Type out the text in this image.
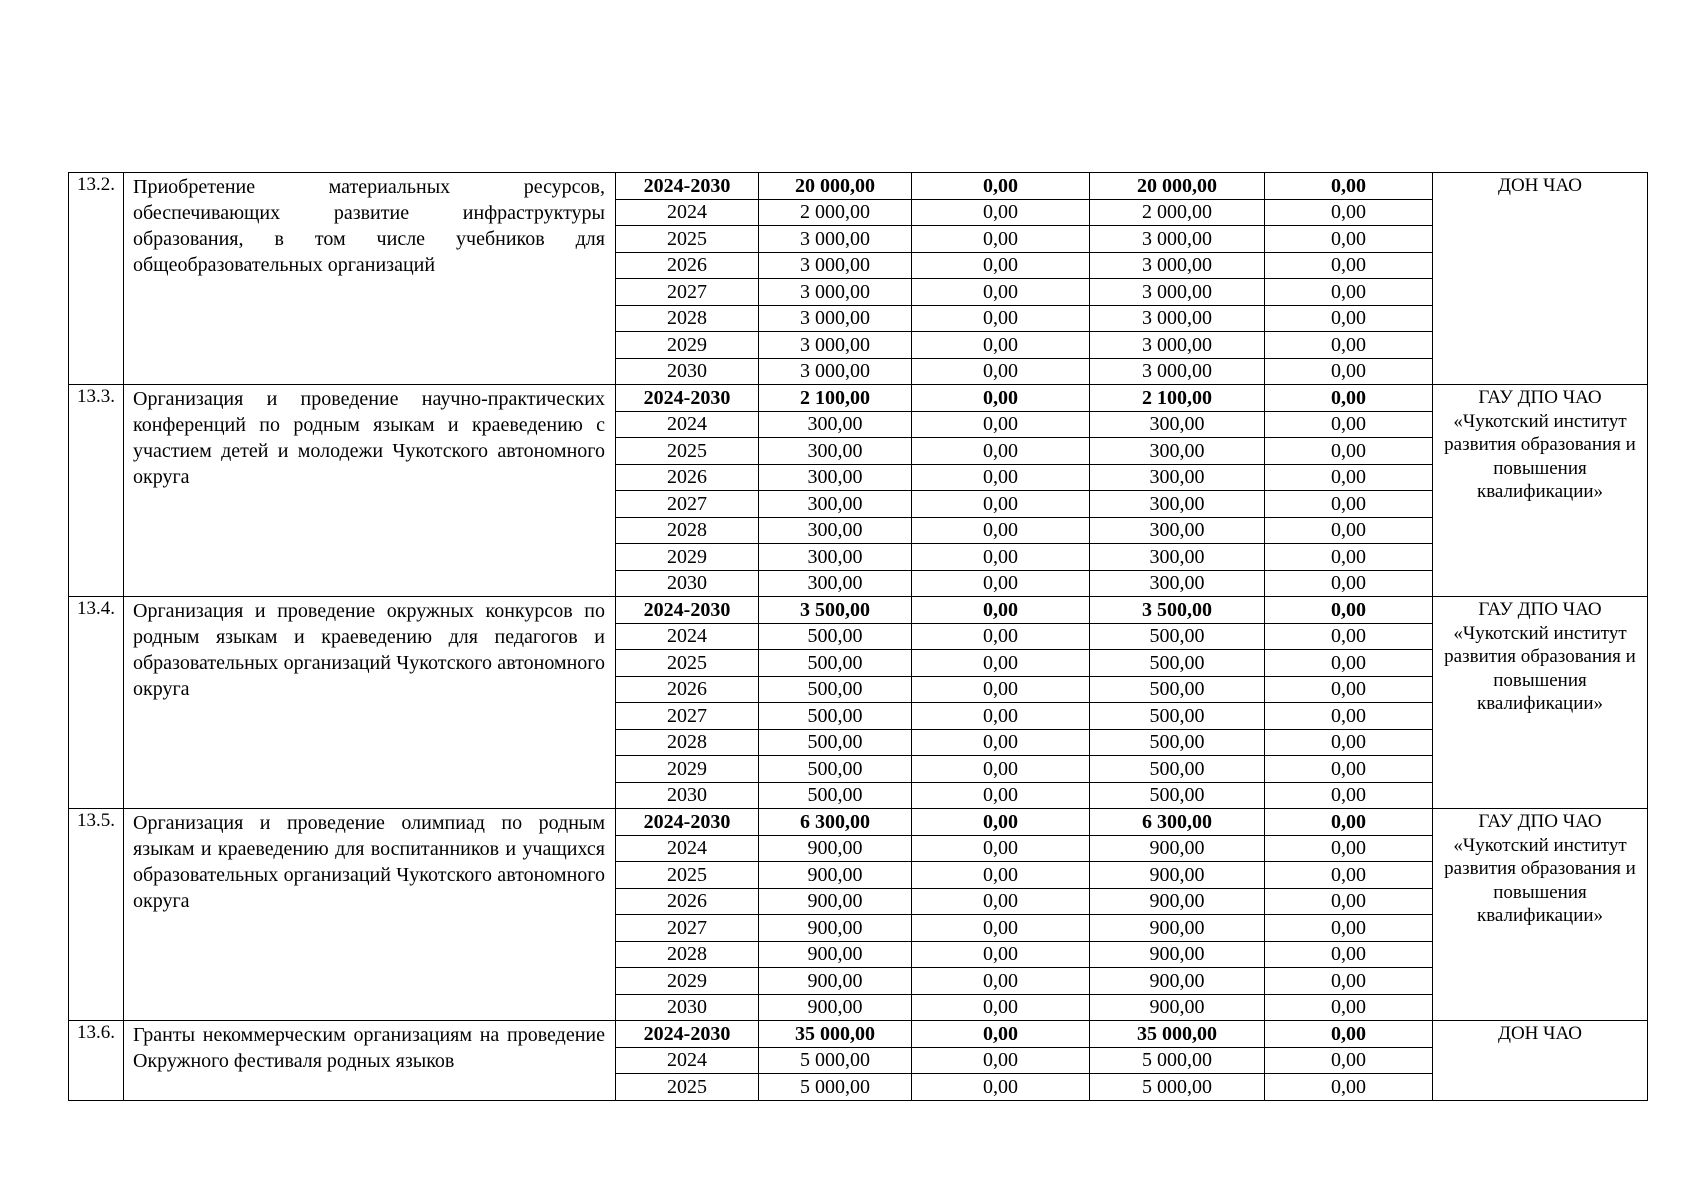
13.2.	Приобретение материальных ресурсов, обеспечивающих развитие инфраструктуры образования, в том числе учебников для общеобразовательных организаций	2024-2030	20 000,00	0,00	20 000,00	0,00	ДОН ЧАО
		2024	2 000,00	0,00	2 000,00	0,00	
		2025	3 000,00	0,00	3 000,00	0,00	
		2026	3 000,00	0,00	3 000,00	0,00	
		2027	3 000,00	0,00	3 000,00	0,00	
		2028	3 000,00	0,00	3 000,00	0,00	
		2029	3 000,00	0,00	3 000,00	0,00	
		2030	3 000,00	0,00	3 000,00	0,00	
13.3.	Организация и проведение научно-практических конференций по родным языкам и краеведению с участием детей и молодежи Чукотского автономного округа	2024-2030	2 100,00	0,00	2 100,00	0,00	ГАУ ДПО ЧАО «Чукотский институт развития образования и повышения квалификации»
		2024	300,00	0,00	300,00	0,00	
		2025	300,00	0,00	300,00	0,00	
		2026	300,00	0,00	300,00	0,00	
		2027	300,00	0,00	300,00	0,00	
		2028	300,00	0,00	300,00	0,00	
		2029	300,00	0,00	300,00	0,00	
		2030	300,00	0,00	300,00	0,00	
13.4.	Организация и проведение окружных конкурсов по родным языкам и краеведению для педагогов и образовательных организаций Чукотского автономного округа	2024-2030	3 500,00	0,00	3 500,00	0,00	ГАУ ДПО ЧАО «Чукотский институт развития образования и повышения квалификации»
		2024	500,00	0,00	500,00	0,00	
		2025	500,00	0,00	500,00	0,00	
		2026	500,00	0,00	500,00	0,00	
		2027	500,00	0,00	500,00	0,00	
		2028	500,00	0,00	500,00	0,00	
		2029	500,00	0,00	500,00	0,00	
		2030	500,00	0,00	500,00	0,00	
13.5.	Организация и проведение олимпиад по родным языкам и краеведению для воспитанников и учащихся образовательных организаций Чукотского автономного округа	2024-2030	6 300,00	0,00	6 300,00	0,00	ГАУ ДПО ЧАО «Чукотский институт развития образования и повышения квалификации»
		2024	900,00	0,00	900,00	0,00	
		2025	900,00	0,00	900,00	0,00	
		2026	900,00	0,00	900,00	0,00	
		2027	900,00	0,00	900,00	0,00	
		2028	900,00	0,00	900,00	0,00	
		2029	900,00	0,00	900,00	0,00	
		2030	900,00	0,00	900,00	0,00	
13.6.	Гранты некоммерческим организациям на проведение Окружного фестиваля родных языков	2024-2030	35 000,00	0,00	35 000,00	0,00	ДОН ЧАО
		2024	5 000,00	0,00	5 000,00	0,00	
		2025	5 000,00	0,00	5 000,00	0,00	
